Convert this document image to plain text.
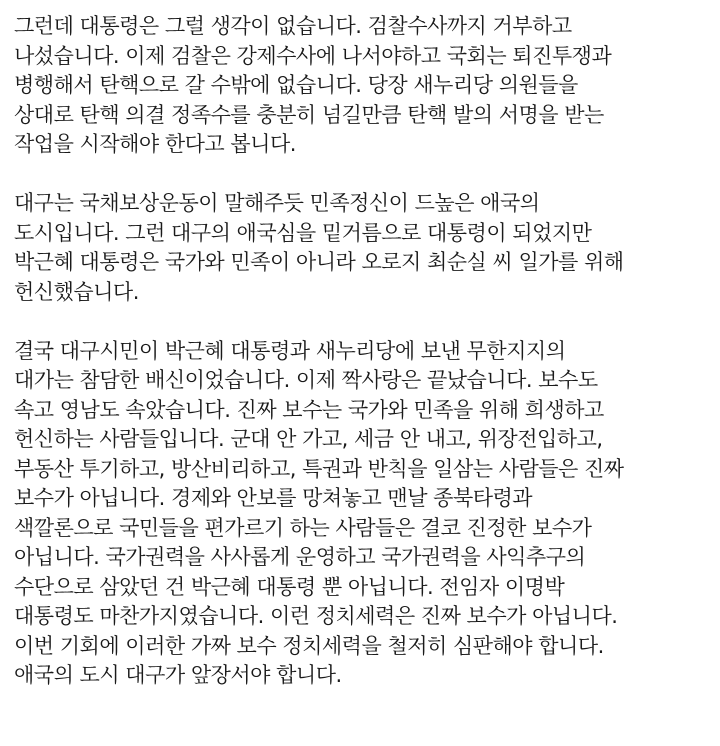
그런데 대통령은 그럴 생각이 없습니다. 검찰수사까지 거부하고
나섰습니다. 이제 검찰은 강제수사에 나서야하고 국회는 퇴진투쟁과
병행해서 탄핵으로 갈 수밖에 없습니다. 당장 새누리당 의원들을
상대로 탄핵 의결 정족수를 충분히 넘길만큼 탄핵 발의 서명을 받는
작업을 시작해야 한다고 봅니다.
대구는 국채보상운동이 말해주듯 민족정신이 드높은 애국의
도시입니다. 그런 대구의 애국심을 밑거름으로 대통령이 되었지만
박근혜 대통령은 국가와 민족이 아니라 오로지 최순실 씨 일가를 위해
헌신했습니다.
결국 대구시민이 박근혜 대통령과 새누리당에 보낸 무한지지의
대가는 참담한 배신이었습니다. 이제 짝사랑은 끝났습니다. 보수도
속고 영남도 속았습니다. 진짜 보수는 국가와 민족을 위해 희생하고
헌신하는 사람들입니다. 군대 안 가고, 세금 안 내고, 위장전입하고,
부동산 투기하고, 방산비리하고, 특권과 반칙을 일삼는 사람들은 진짜
보수가 아닙니다. 경제와 안보를 망쳐놓고 맨날 종북타령과
색깔론으로 국민들을 편가르기 하는 사람들은 결코 진정한 보수가
아닙니다. 국가권력을 사사롭게 운영하고 국가권력을 사익추구의
수단으로 삼았던 건 박근혜 대통령 뿐 아닙니다. 전임자 이명박
대통령도 마찬가지였습니다. 이런 정치세력은 진짜 보수가 아닙니다.
이번 기회에 이러한 가짜 보수 정치세력을 철저히 심판해야 합니다.
애국의 도시 대구가 앞장서야 합니다.
